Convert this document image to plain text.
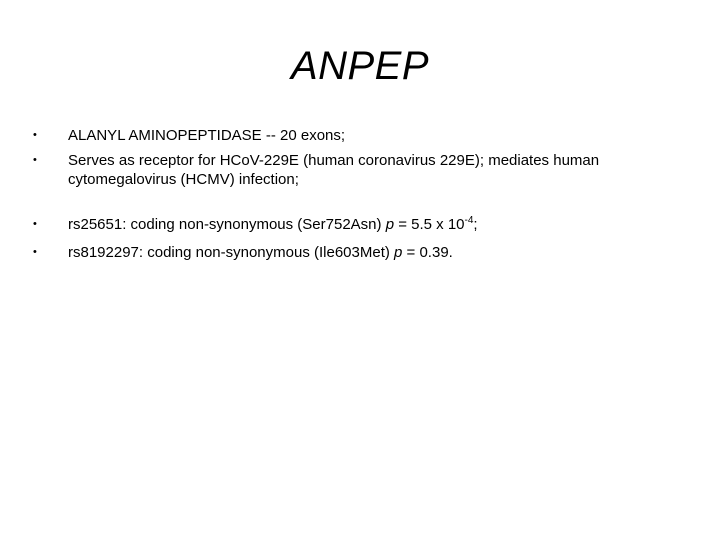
ANPEP
• ALANYL AMINOPEPTIDASE -- 20 exons;
• Serves as receptor for HCoV-229E (human coronavirus 229E); mediates human cytomegalovirus (HCMV) infection;
• rs25651: coding non-synonymous (Ser752Asn) p = 5.5 x $10^{-4}$;
• rs8192297: coding non-synonymous (Ile603Met) p = 0.39.
